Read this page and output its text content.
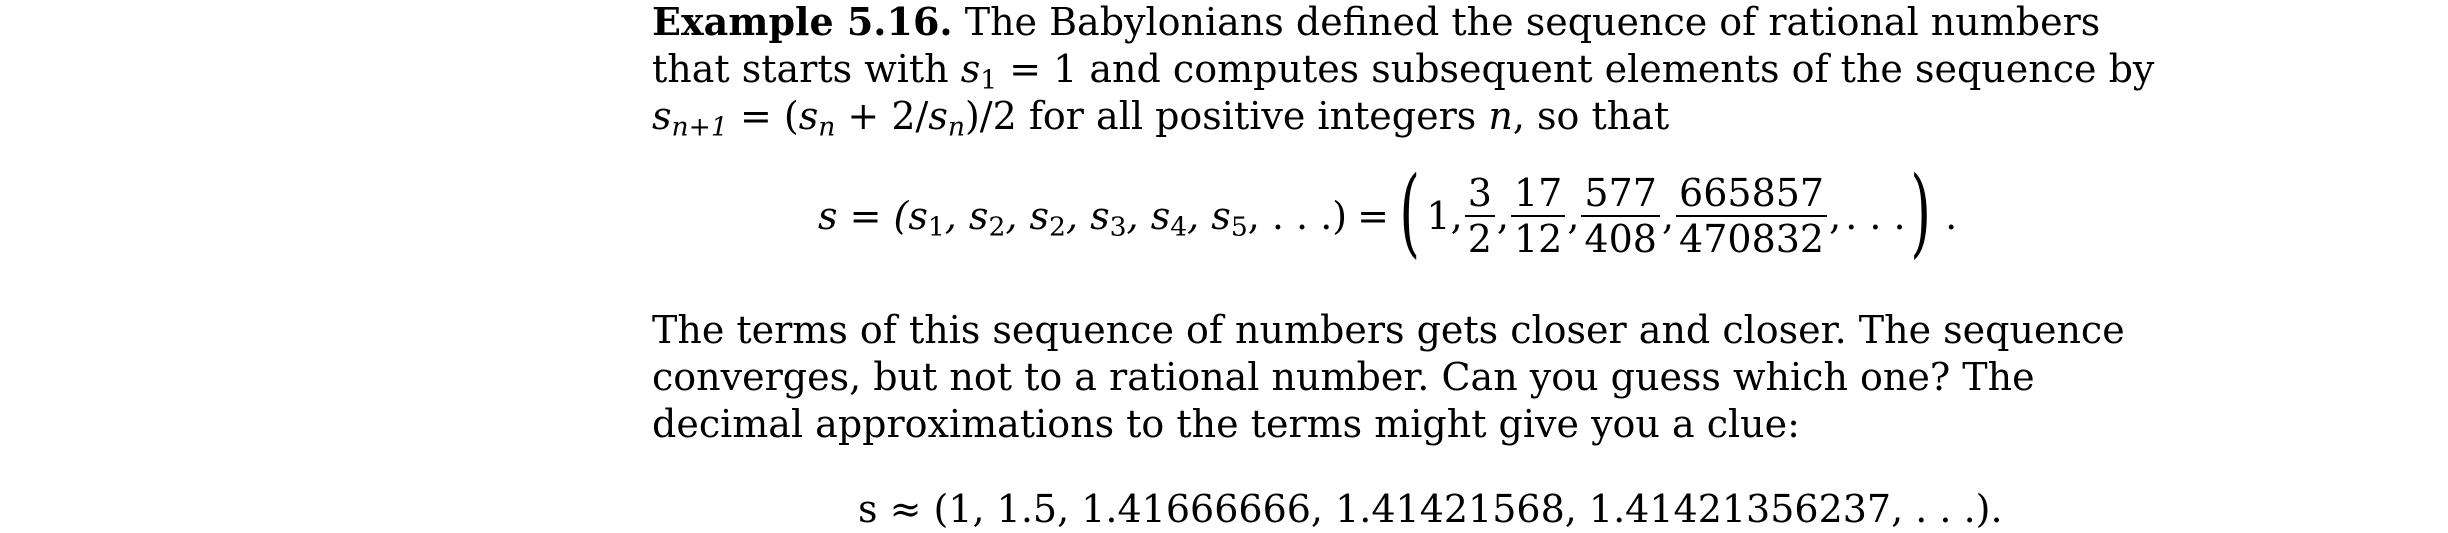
Example 5.16. The Babylonians defined the sequence of rational numbers
that starts with $s_1 = 1$ and computes subsequent elements of the sequence by
$s_{n+1} = (s_n + 2/s_n)/2$ for all positive integers n, so that
$s = (s_1$, $s_2$, $s_2$, $s_3$, $s_4$, $s_5$, . . .) = ( 1, $\frac{3}{2}$ , $\frac{17}{12}$ , $\frac{577}{408}$ , $\frac{665857}{470832}$ , . . . ) .
The terms of this sequence of numbers gets closer and closer. The sequence
converges, but not to a rational number. Can you guess which one? The
decimal approximations to the terms might give you a clue:
s ≈ (1, 1.5, 1.41666666, 1.41421568, 1.41421356237, . . .).
